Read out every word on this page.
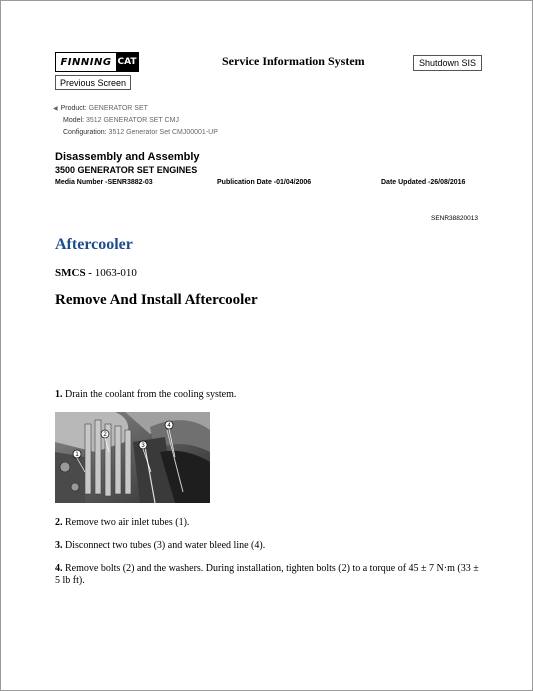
FINNING CAT	Service Information System	Shutdown SIS
Previous Screen
◀ Product: GENERATOR SET
Model: 3512 GENERATOR SET CMJ
Configuration: 3512 Generator Set CMJ00001-UP
Disassembly and Assembly
3500 GENERATOR SET ENGINES
Media Number -SENR3882-03	Publication Date -01/04/2006	Date Updated -26/08/2016
SENR38820013
Aftercooler
SMCS - 1063-010
Remove And Install Aftercooler
1. Drain the coolant from the cooling system.
1
2
3
4
2. Remove two air inlet tubes (1).
3. Disconnect two tubes (3) and water bleed line (4).
4. Remove bolts (2) and the washers. During installation, tighten bolts (2) to a torque of 45 ± 7 N·m (33 ± 5 lb ft).
